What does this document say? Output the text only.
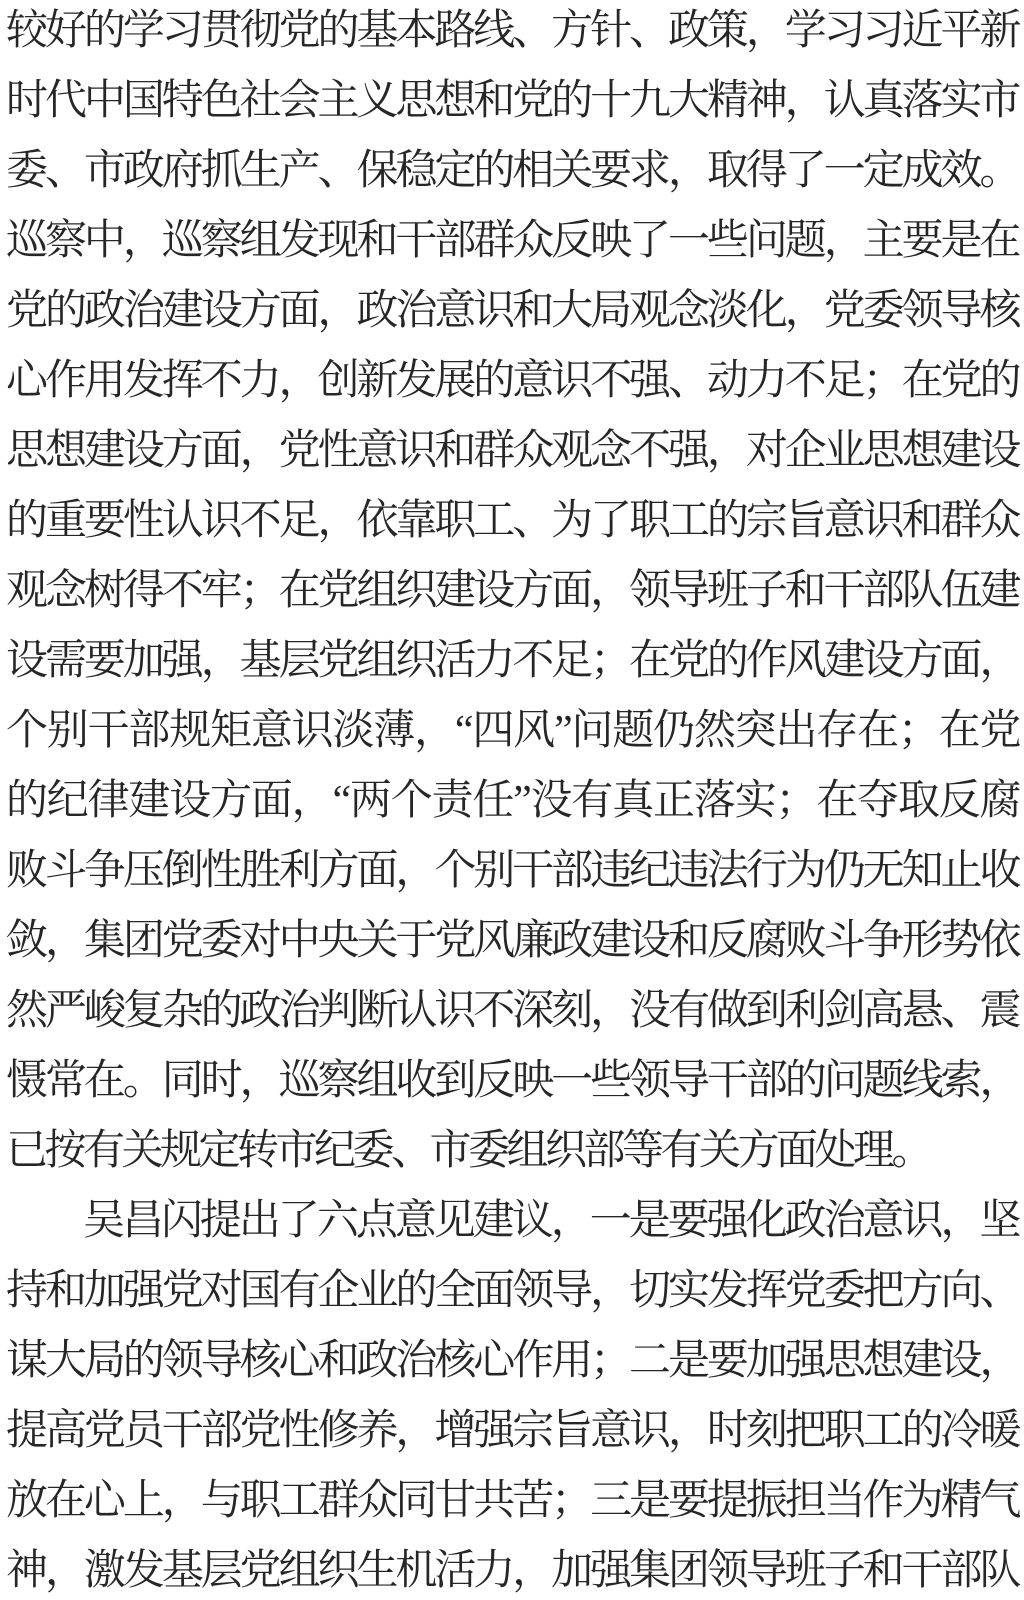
较好的学习贯彻党的基本路线、方针、政策，学习习近平新
时代中国特色社会主义思想和党的十九大精神，认真落实市
委、市政府抓生产、保稳定的相关要求，取得了一定成效。
巡察中，巡察组发现和干部群众反映了一些问题，主要是在
党的政治建设方面，政治意识和大局观念淡化，党委领导核
心作用发挥不力，创新发展的意识不强、动力不足；在党的
思想建设方面，党性意识和群众观念不强，对企业思想建设
的重要性认识不足，依靠职工、为了职工的宗旨意识和群众
观念树得不牢；在党组织建设方面，领导班子和干部队伍建
设需要加强，基层党组织活力不足；在党的作风建设方面，
个别干部规矩意识淡薄，“四风”问题仍然突出存在；在党
的纪律建设方面，“两个责任”没有真正落实；在夺取反腐
败斗争压倒性胜利方面，个别干部违纪违法行为仍无知止收
敛，集团党委对中央关于党风廉政建设和反腐败斗争形势依
然严峻复杂的政治判断认识不深刻，没有做到利剑高悬、震
慑常在。同时，巡察组收到反映一些领导干部的问题线索，
已按有关规定转市纪委、市委组织部等有关方面处理。
吴昌闪提出了六点意见建议，一是要强化政治意识，坚
持和加强党对国有企业的全面领导，切实发挥党委把方向、
谋大局的领导核心和政治核心作用；二是要加强思想建设，
提高党员干部党性修养，增强宗旨意识，时刻把职工的冷暖
放在心上，与职工群众同甘共苦；三是要提振担当作为精气
神，激发基层党组织生机活力，加强集团领导班子和干部队
